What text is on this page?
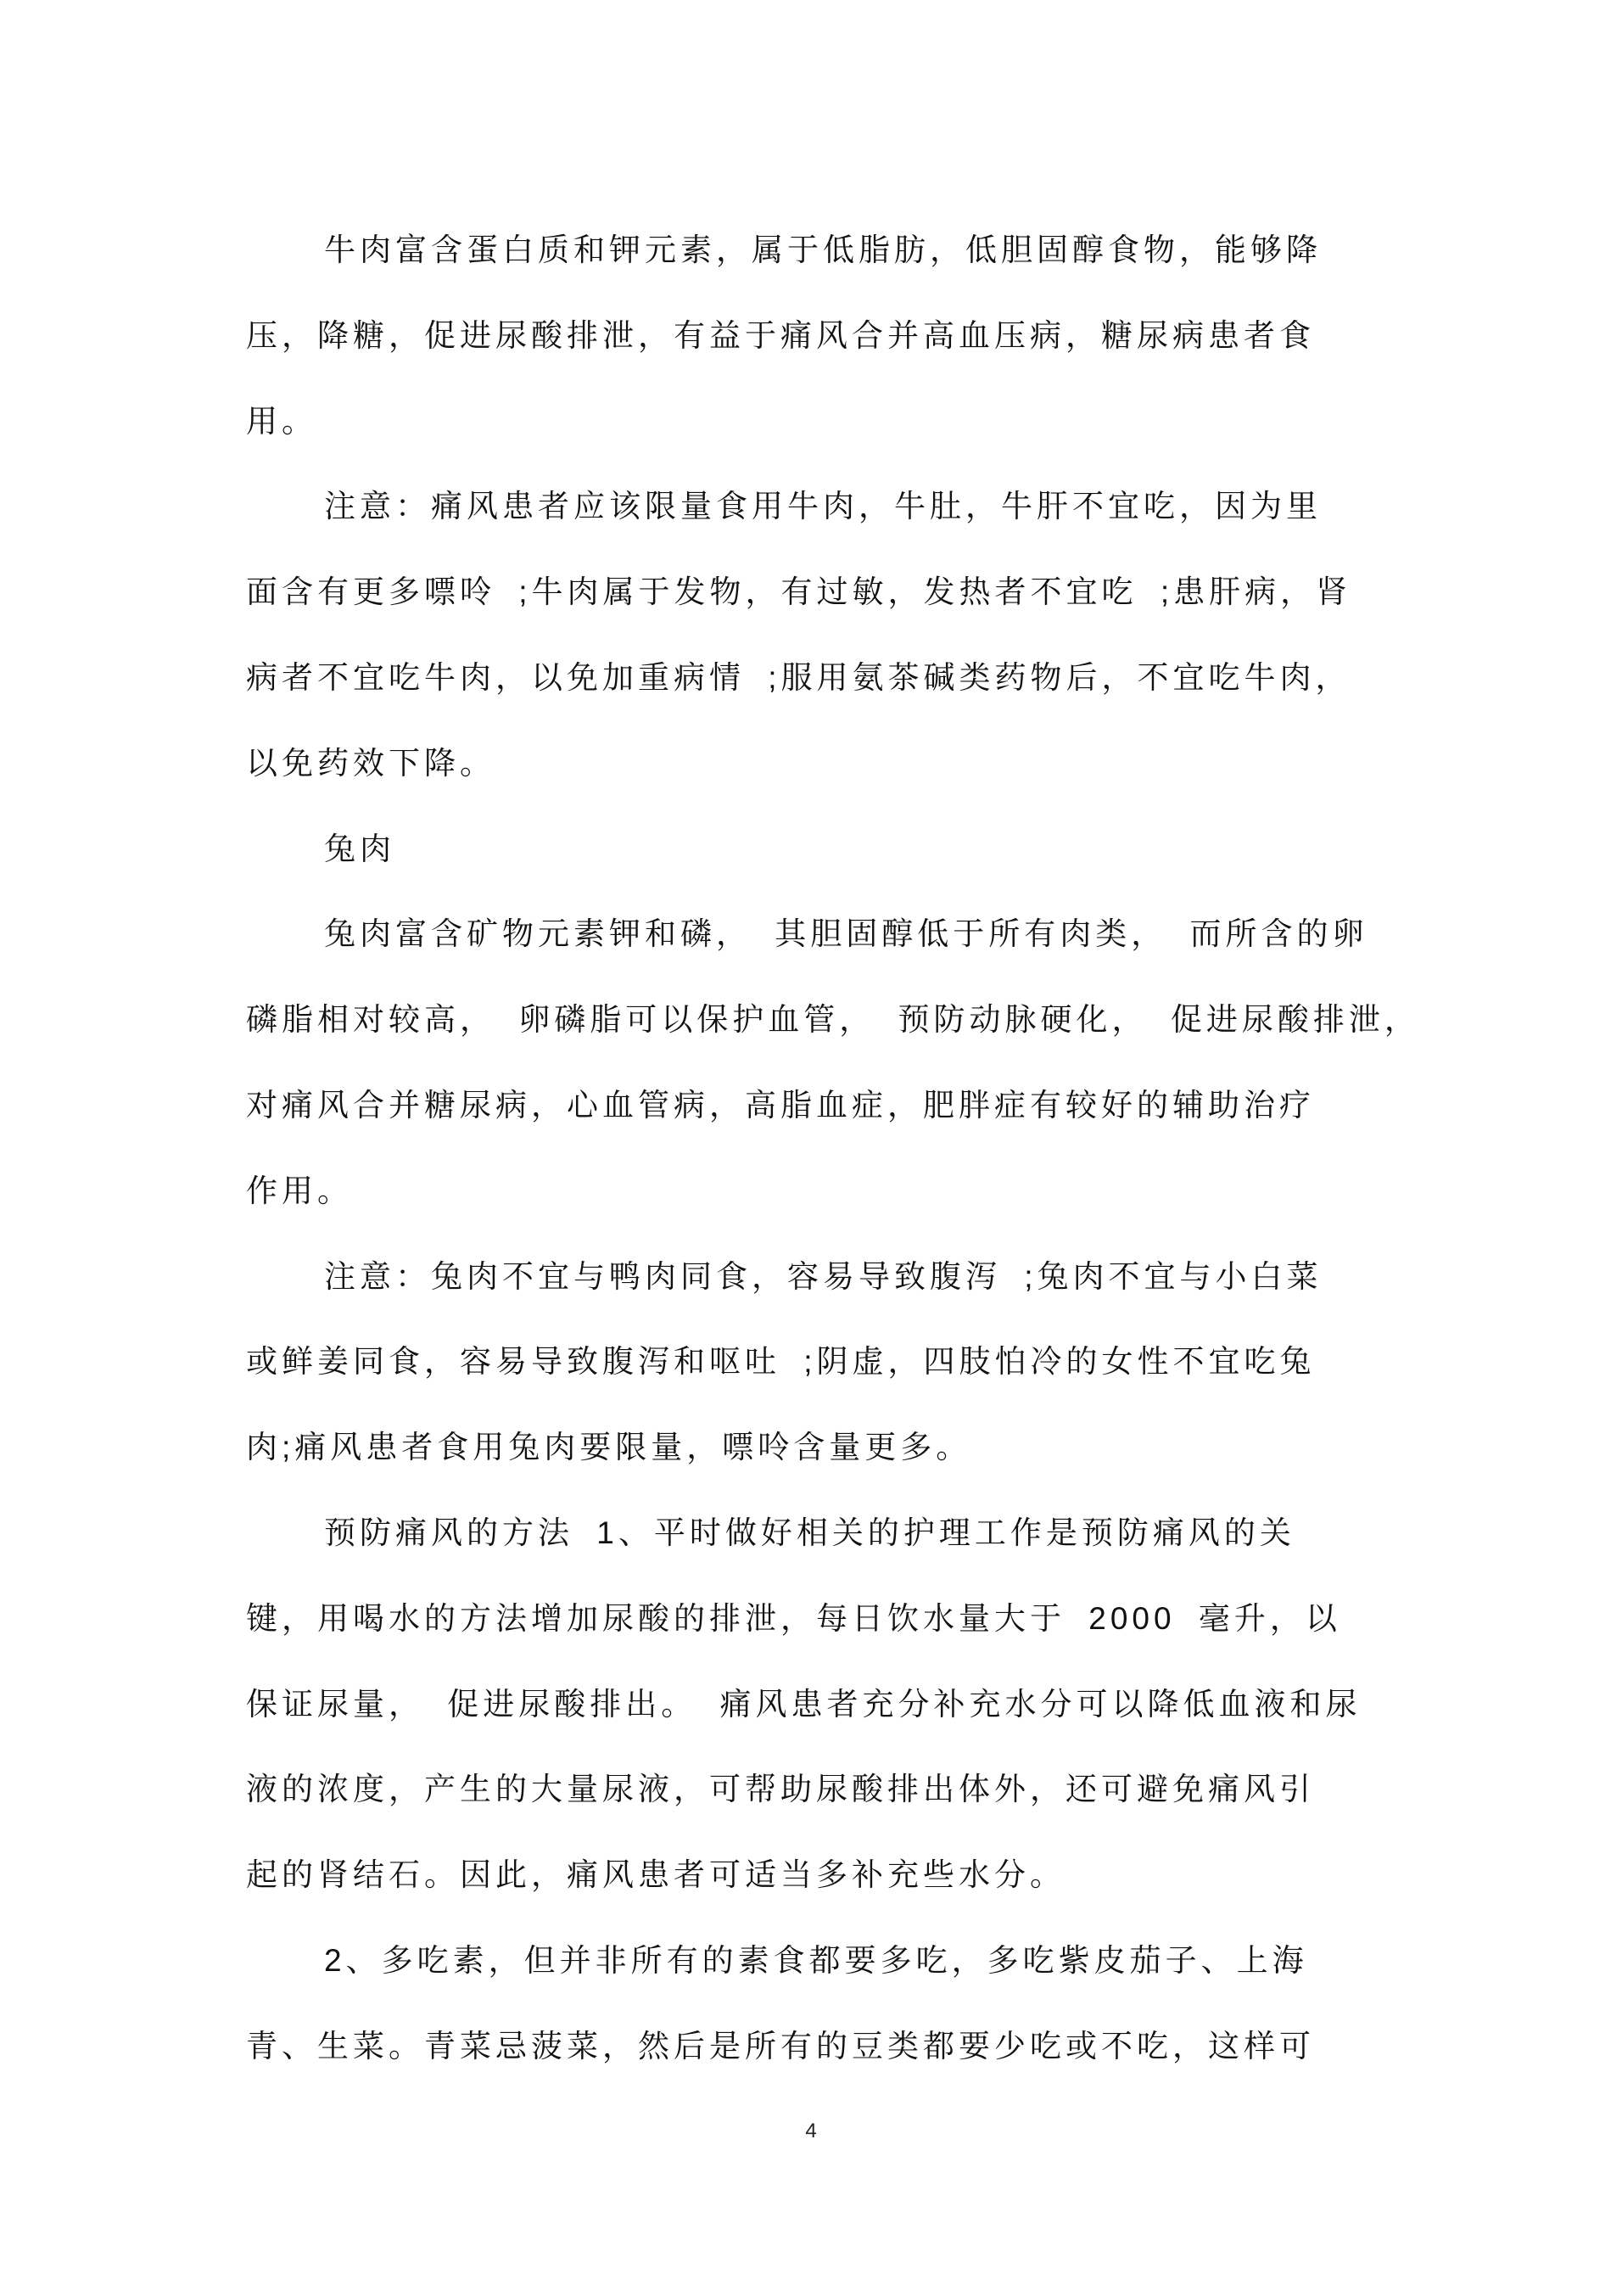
牛肉富含蛋白质和钾元素，属于低脂肪，低胆固醇食物，能够降
压，降糖，促进尿酸排泄，有益于痛风合并高血压病，糖尿病患者食
用。
注意：痛风患者应该限量食用牛肉，牛肚，牛肝不宜吃，因为里
面含有更多嘌呤 ;牛肉属于发物，有过敏，发热者不宜吃 ;患肝病，肾
病者不宜吃牛肉，以免加重病情 ;服用氨茶碱类药物后，不宜吃牛肉，
以免药效下降。
兔肉
兔肉富含矿物元素钾和磷， 其胆固醇低于所有肉类， 而所含的卵
磷脂相对较高， 卵磷脂可以保护血管， 预防动脉硬化， 促进尿酸排泄，
对痛风合并糖尿病，心血管病，高脂血症，肥胖症有较好的辅助治疗
作用。
注意：兔肉不宜与鸭肉同食，容易导致腹泻 ;兔肉不宜与小白菜
或鲜姜同食，容易导致腹泻和呕吐 ;阴虚，四肢怕冷的女性不宜吃兔
肉;痛风患者食用兔肉要限量，嘌呤含量更多。
预防痛风的方法 1、平时做好相关的护理工作是预防痛风的关
键，用喝水的方法增加尿酸的排泄，每日饮水量大于 2000 毫升，以
保证尿量， 促进尿酸排出。 痛风患者充分补充水分可以降低血液和尿
液的浓度，产生的大量尿液，可帮助尿酸排出体外，还可避免痛风引
起的肾结石。因此，痛风患者可适当多补充些水分。
2、多吃素，但并非所有的素食都要多吃，多吃紫皮茄子、上海
青、生菜。青菜忌菠菜，然后是所有的豆类都要少吃或不吃，这样可
4
